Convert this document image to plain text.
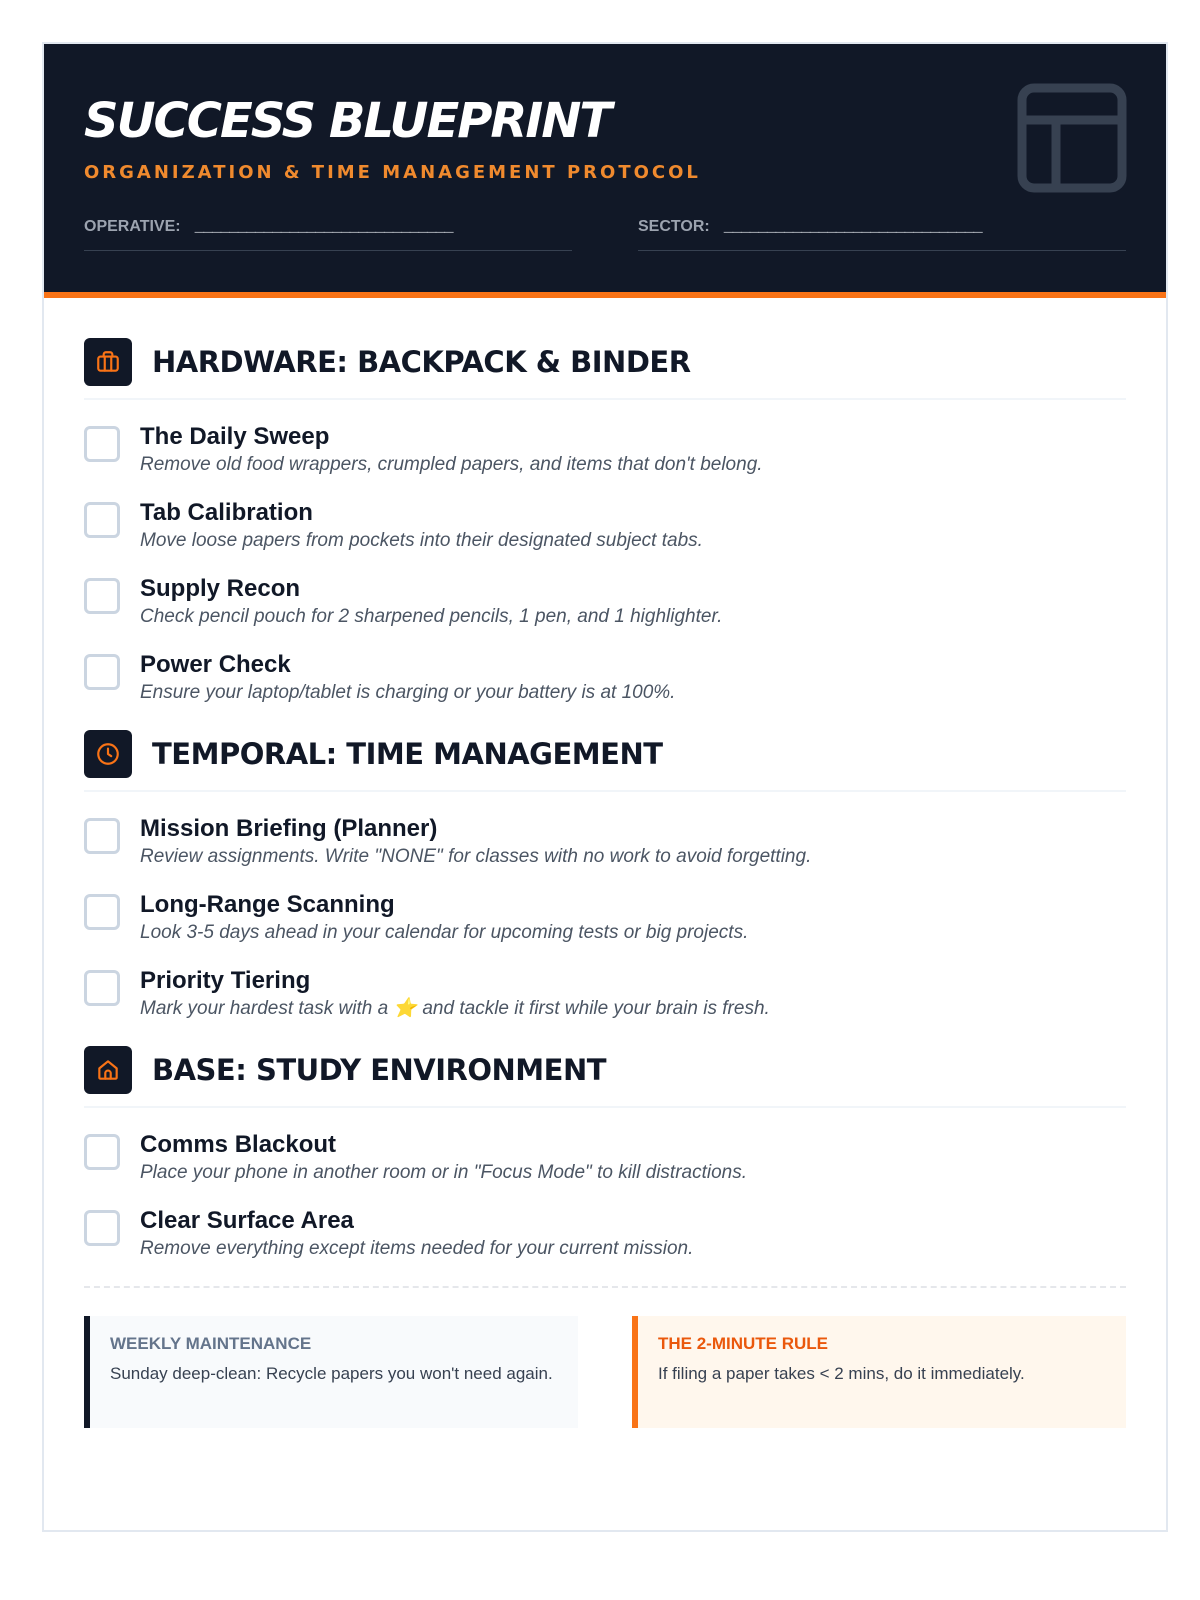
SUCCESS BLUEPRINT
ORGANIZATION & TIME MANAGEMENT PROTOCOL
OPERATIVE: ______________________________	SECTOR: ______________________________
HARDWARE: BACKPACK & BINDER
The Daily Sweep
Remove old food wrappers, crumpled papers, and items that don't belong.
Tab Calibration
Move loose papers from pockets into their designated subject tabs.
Supply Recon
Check pencil pouch for 2 sharpened pencils, 1 pen, and 1 highlighter.
Power Check
Ensure your laptop/tablet is charging or your battery is at 100%.
TEMPORAL: TIME MANAGEMENT
Mission Briefing (Planner)
Review assignments. Write "NONE" for classes with no work to avoid forgetting.
Long-Range Scanning
Look 3-5 days ahead in your calendar for upcoming tests or big projects.
Priority Tiering
Mark your hardest task with a ⭐ and tackle it first while your brain is fresh.
BASE: STUDY ENVIRONMENT
Comms Blackout
Place your phone in another room or in "Focus Mode" to kill distractions.
Clear Surface Area
Remove everything except items needed for your current mission.
WEEKLY MAINTENANCE
Sunday deep-clean: Recycle papers you won't need again.
THE 2-MINUTE RULE
If filing a paper takes < 2 mins, do it immediately.
